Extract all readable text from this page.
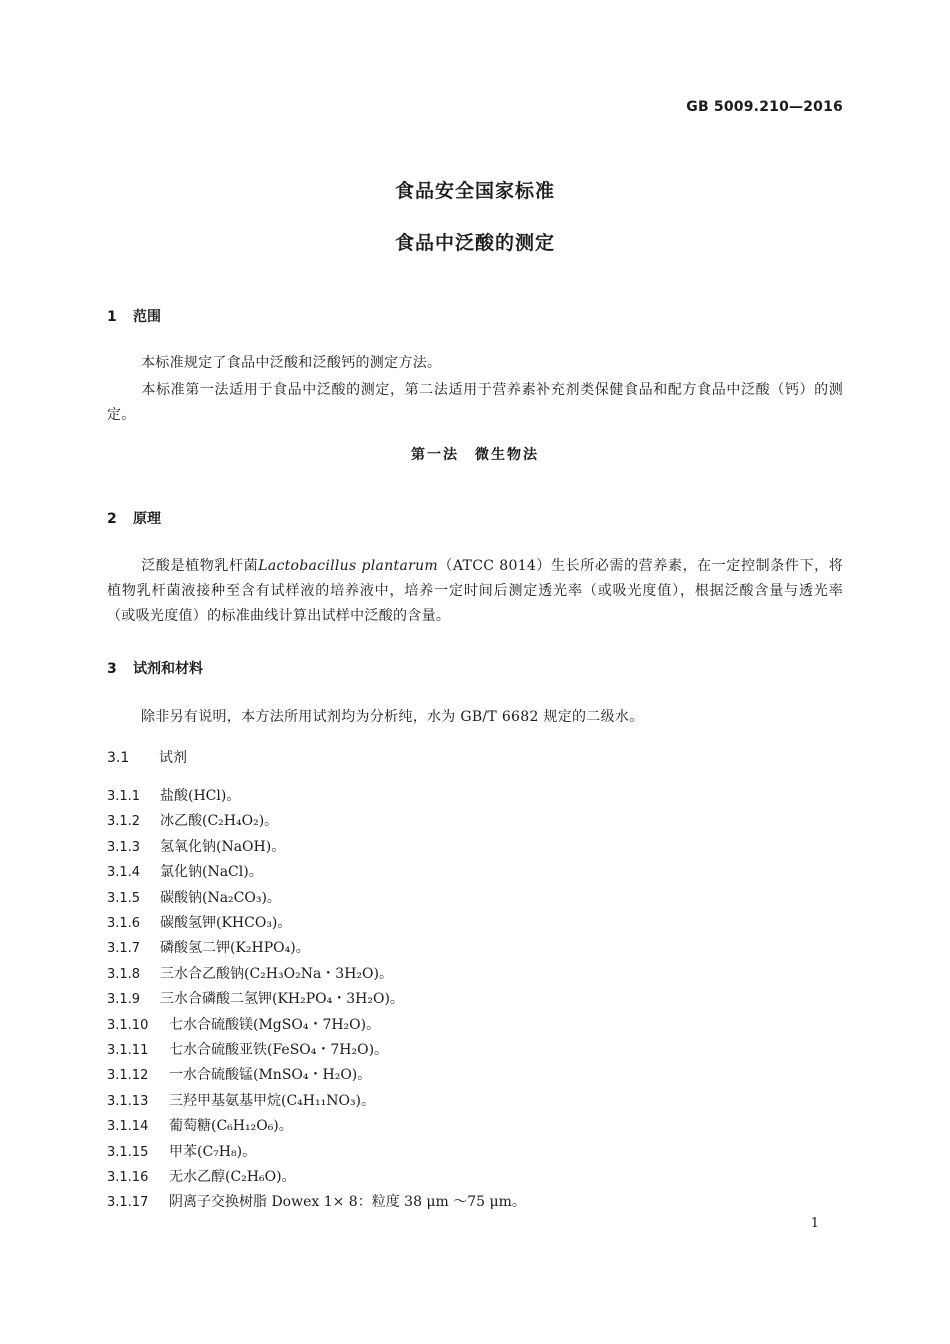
GB 5009.210—2016
食品安全国家标准
食品中泛酸的测定
1 范围
本标准规定了食品中泛酸和泛酸钙的测定方法。
本标准第一法适用于食品中泛酸的测定，第二法适用于营养素补充剂类保健食品和配方食品中泛酸（钙）的测定。
第一法　微生物法
2 原理
泛酸是植物乳杆菌Lactobacillus plantarum（ATCC 8014）生长所必需的营养素，在一定控制条件下，将植物乳杆菌液接种至含有试样液的培养液中，培养一定时间后测定透光率（或吸光度值），根据泛酸含量与透光率（或吸光度值）的标准曲线计算出试样中泛酸的含量。
3 试剂和材料
除非另有说明，本方法所用试剂均为分析纯，水为 GB/T 6682 规定的二级水。
3.1 试剂
3.1.1 盐酸(HCl)。
3.1.2 冰乙酸(C₂H₄O₂)。
3.1.3 氢氧化钠(NaOH)。
3.1.4 氯化钠(NaCl)。
3.1.5 碳酸钠(Na₂CO₃)。
3.1.6 碳酸氢钾(KHCO₃)。
3.1.7 磷酸氢二钾(K₂HPO₄)。
3.1.8 三水合乙酸钠(C₂H₃O₂Na・3H₂O)。
3.1.9 三水合磷酸二氢钾(KH₂PO₄・3H₂O)。
3.1.10 七水合硫酸镁(MgSO₄・7H₂O)。
3.1.11 七水合硫酸亚铁(FeSO₄・7H₂O)。
3.1.12 一水合硫酸锰(MnSO₄・H₂O)。
3.1.13 三羟甲基氨基甲烷(C₄H₁₁NO₃)。
3.1.14 葡萄糖(C₆H₁₂O₆)。
3.1.15 甲苯(C₇H₈)。
3.1.16 无水乙醇(C₂H₆O)。
3.1.17 阴离子交换树脂 Dowex 1× 8：粒度 38 μm ～75 μm。
1
